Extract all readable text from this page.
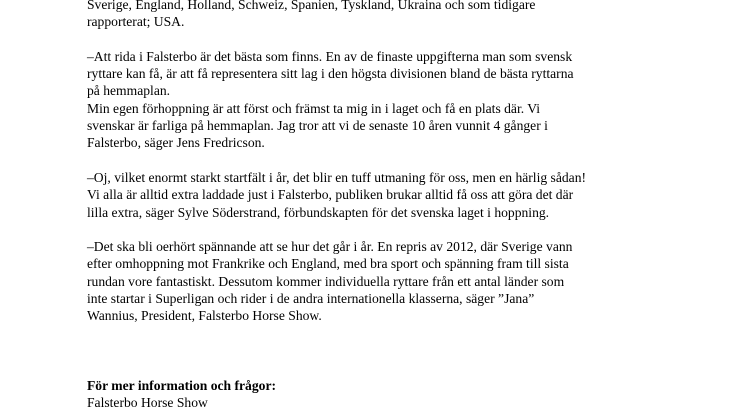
Sverige, England, Holland, Schweiz, Spanien, Tyskland, Ukraina och som tidigare
rapporterat; USA.

–Att rida i Falsterbo är det bästa som finns. En av de finaste uppgifterna man som svensk
ryttare kan få, är att få representera sitt lag i den högsta divisionen bland de bästa ryttarna
på hemmaplan.
Min egen förhoppning är att först och främst ta mig in i laget och få en plats där. Vi
svenskar är farliga på hemmaplan. Jag tror att vi de senaste 10 åren vunnit 4 gånger i
Falsterbo, säger Jens Fredricson.

–Oj, vilket enormt starkt startfält i år, det blir en tuff utmaning för oss, men en härlig sådan!
Vi alla är alltid extra laddade just i Falsterbo, publiken brukar alltid få oss att göra det där
lilla extra, säger Sylve Söderstrand, förbundskapten för det svenska laget i hoppning.

–Det ska bli oerhört spännande att se hur det går i år. En repris av 2012, där Sverige vann
efter omhoppning mot Frankrike och England, med bra sport och spänning fram till sista
rundan vore fantastiskt. Dessutom kommer individuella ryttare från ett antal länder som
inte startar i Superligan och rider i de andra internationella klasserna, säger ”Jana”
Wannius, President, Falsterbo Horse Show.

För mer information och frågor:
Falsterbo Horse Show
